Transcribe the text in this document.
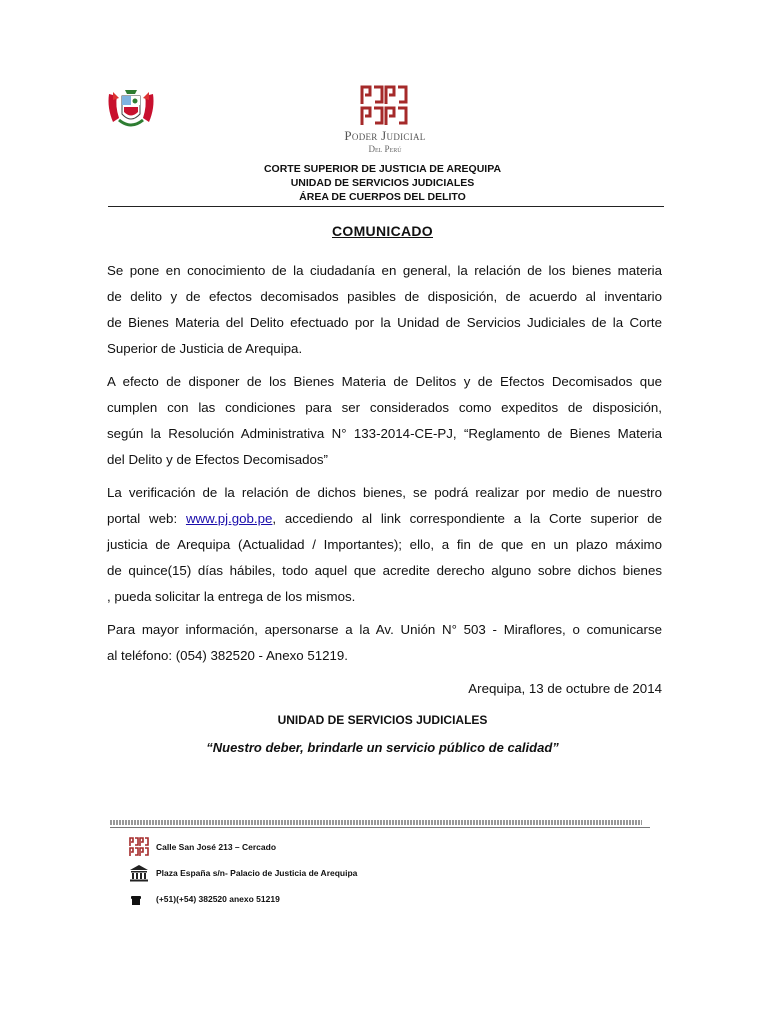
Poder Judicial
Del Perú
CORTE SUPERIOR DE JUSTICIA DE AREQUIPA
UNIDAD DE SERVICIOS JUDICIALES
ÁREA DE CUERPOS DEL DELITO
COMUNICADO
Se pone en conocimiento de la ciudadanía en general, la relación de los bienes materia
de delito y de efectos decomisados pasibles de disposición, de acuerdo al inventario
de Bienes Materia del Delito efectuado por la Unidad de Servicios Judiciales de la Corte
Superior de Justicia de Arequipa.
A efecto de disponer de los Bienes Materia de Delitos y de Efectos Decomisados que
cumplen con las condiciones para ser considerados como expeditos de disposición,
según la Resolución Administrativa N° 133-2014-CE-PJ, “Reglamento de Bienes Materia
del Delito y de Efectos Decomisados”
La verificación de la relación de dichos bienes, se podrá realizar por medio de nuestro
portal web: www.pj.gob.pe, accediendo al link correspondiente a la Corte superior de
justicia de Arequipa (Actualidad / Importantes); ello, a fin de que en un plazo máximo
de quince(15) días hábiles, todo aquel que acredite derecho alguno sobre dichos bienes
, pueda solicitar la entrega de los mismos.
Para mayor información, apersonarse a la Av. Unión N° 503 - Miraflores, o comunicarse
al teléfono: (054) 382520 - Anexo 51219.
Arequipa, 13 de octubre de 2014
UNIDAD DE SERVICIOS JUDICIALES
“Nuestro deber, brindarle un servicio público de calidad”
Calle San José 213 – Cercado
Plaza España s/n- Palacio de Justicia de Arequipa
(+51)(+54) 382520 anexo 51219
